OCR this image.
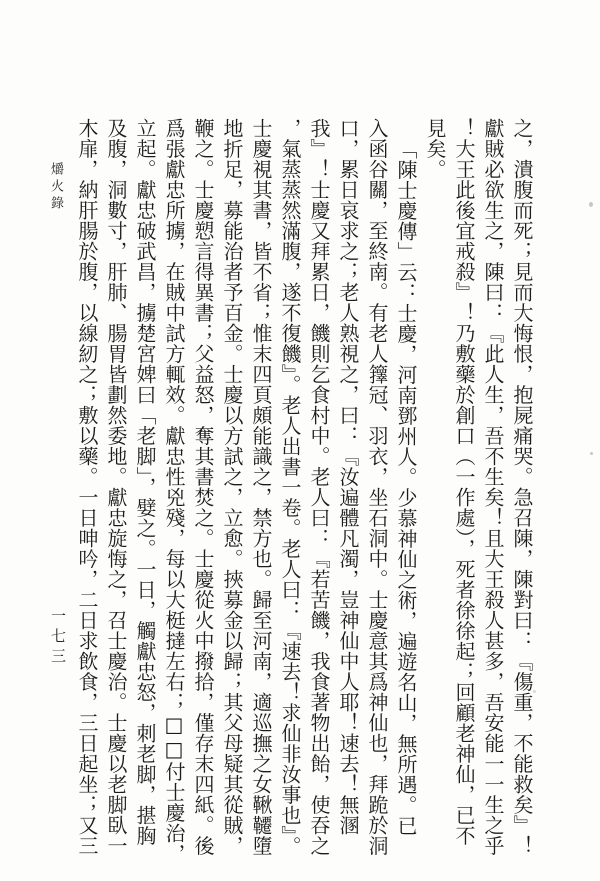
爝火錄
一七三	之，潰腹而死；見而大悔恨，抱屍痛哭。急召陳，陳對曰：『傷重，不能救矣』！
獻賊必欲生之，陳曰：『此人生，吾不生矣！且大王殺人甚多，吾安能一一生之乎
！大王此後宜戒殺』！乃敷藥於創口（一作處），死者徐徐起；回顧老神仙，已不
見矣。
「陳士慶傳」云：士慶，河南鄧州人。少慕神仙之術，遍遊名山，無所遇。已
入函谷關，至終南。有老人籜冠、羽衣，坐石洞中。士慶意其爲神仙也，拜跪於洞
口，累日哀求之；老人熟視之，曰：『汝遍體凡濁，豈神仙中人耶！速去！無溷
我』！士慶又拜累日，饑則乞食村中。老人曰：『若苦饑，我食著物出飴，使吞之
，氣蒸蒸然滿腹，遂不復饑』。老人出書一卷。老人曰：『速去！求仙非汝事也』。
士慶視其書，皆不省；惟末四頁頗能識之，禁方也。歸至河南，適巡撫之女鞦韆墮
地折足，募能治者予百金。士慶以方試之，立愈。挾募金以歸；其父母疑其從賊，
鞭之。士慶愬言得異書；父益怒，奪其書焚之。士慶從火中撥拾，僅存末四紙。後
爲張獻忠所擄，在賊中試方輒效。獻忠性兇殘，每以大梃撻左右；□□付士慶治，
立起。獻忠破武昌，擄楚宮婢曰「老脚」，嬖之。一日，觸獻忠怒，刺老脚，揕胸
及腹，洞數寸，肝肺、腸胃皆劃然委地。獻忠旋悔之，召士慶治。士慶以老脚臥一
木扉，納肝腸於腹，以線紉之；敷以藥。一日呻吟，二日求飲食，三日起坐；又三
